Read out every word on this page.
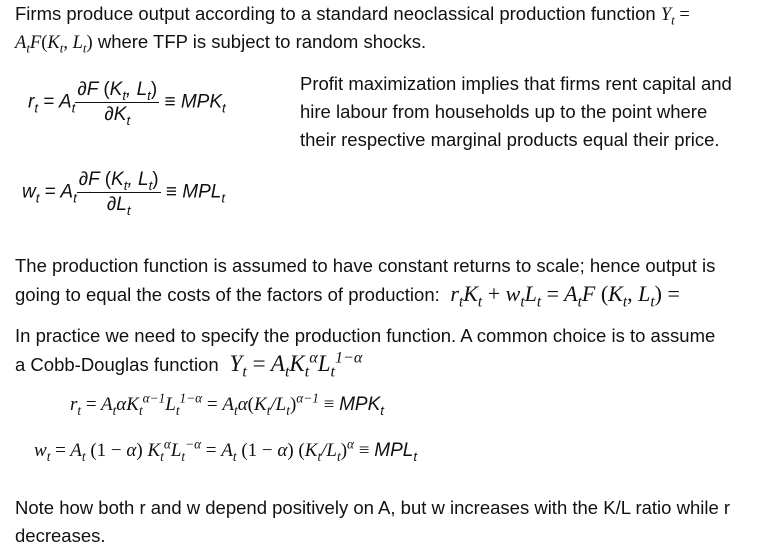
Firms produce output according to a standard neoclassical production function $Y_t$ =
$A_tF(K_t$, $L_t$) where TFP is subject to random shocks.
$r_t = A_t \frac{\partial F (K_t, L_t)}{\partial K_t} \equiv MPK_t$
$w_t = A_t \frac{\partial F (K_t, L_t)}{\partial L_t} \equiv MPL_t$
Profit maximization implies that firms rent capital and
hire labour from households up to the point where
their respective marginal products equal their price.
The production function is assumed to have constant returns to scale; hence output is
going to equal the costs of the factors of production:  $r_tK_t + w_tL_t = A_tF$ ($K_t$, $L_t$) =
In practice we need to specify the production function. A common choice is to assume
a Cobb-Douglas function  $Y_t = A_tK_t^\alpha L_t^{1-\alpha}$
$r_t = A_t\alpha K_t^{\alpha-1}L_t^{1-\alpha} = A_t\alpha(K_t/L_t)^{\alpha-1} \equiv MPK_t$
$w_t = A_t$ (1 − α) $K_t^\alpha L_t^{-\alpha} = A_t$ (1 − α) $(K_t/L_t)^\alpha \equiv MPL_t$
Note how both r and w depend positively on A, but w increases with the K/L ratio while r
decreases.
